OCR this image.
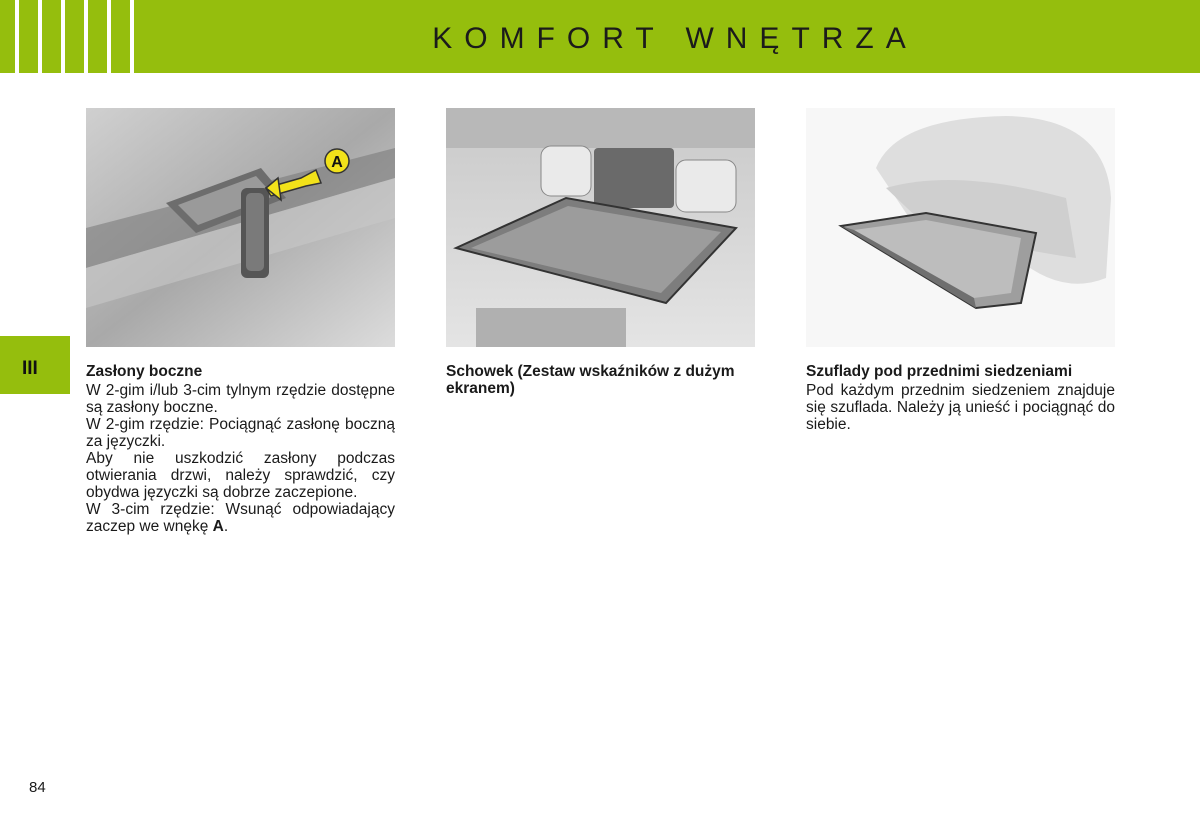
KOMFORT WNĘTRZA
III
A
Zasłony boczne

W 2-gim i/lub 3-cim tylnym rzędzie dostępne są zasłony boczne.

W 2-gim rzędzie: Pociągnąć zasłonę boczną za języczki.

Aby nie uszkodzić zasłony podczas otwierania drzwi, należy sprawdzić, czy obydwa języczki są dobrze zaczepione.

W 3-cim rzędzie: Wsunąć odpowiadający zaczep we wnękę A.

Schowek (Zestaw wskaźników z dużym ekranem)
Szuflady pod przednimi siedzeniami

Pod każdym przednim siedzeniem znajduje się szuflada. Należy ją unieść i pociągnąć do siebie.

84
